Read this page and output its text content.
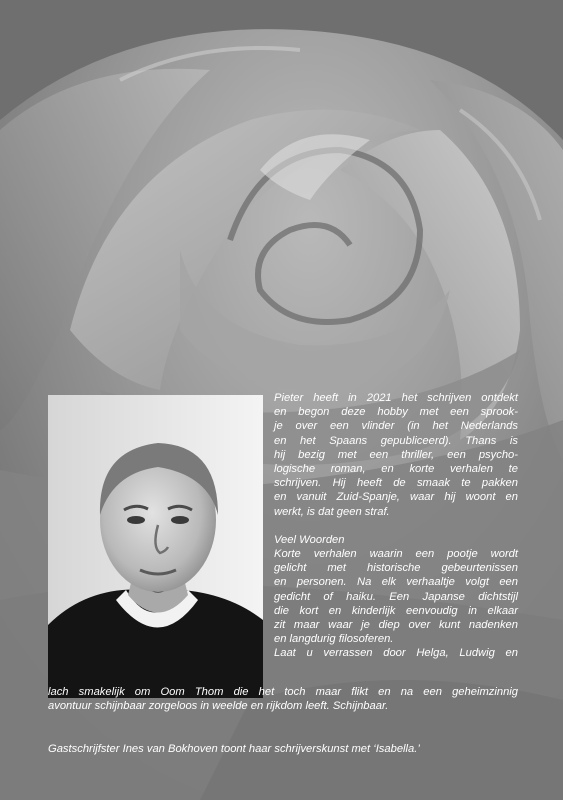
Pieter heeft in 2021 het schrijven ontdekt

en begon deze hobby met een sprook-

je over een vlinder (in het Nederlands

en het Spaans gepubliceerd). Thans is

hij bezig met een thriller, een psycho-

logische roman, en korte verhalen te

schrijven. Hij heeft de smaak te pakken

en vanuit Zuid-Spanje, waar hij woont en

werkt, is dat geen straf.

Veel Woorden

Korte verhalen waarin een pootje wordt

gelicht met historische gebeurtenissen

en personen. Na elk verhaaltje volgt een

gedicht of haiku. Een Japanse dichtstijl

die kort en kinderlijk eenvoudig in elkaar

zit maar waar je diep over kunt nadenken

en langdurig filosoferen.

Laat u verrassen door Helga, Ludwig en

lach smakelijk om Oom Thom die het toch maar flikt en na een geheimzinnig

avontuur schijnbaar zorgeloos in weelde en rijkdom leeft. Schijnbaar.

Gastschrijfster Ines van Bokhoven toont haar schrijverskunst met ‘Isabella.’
